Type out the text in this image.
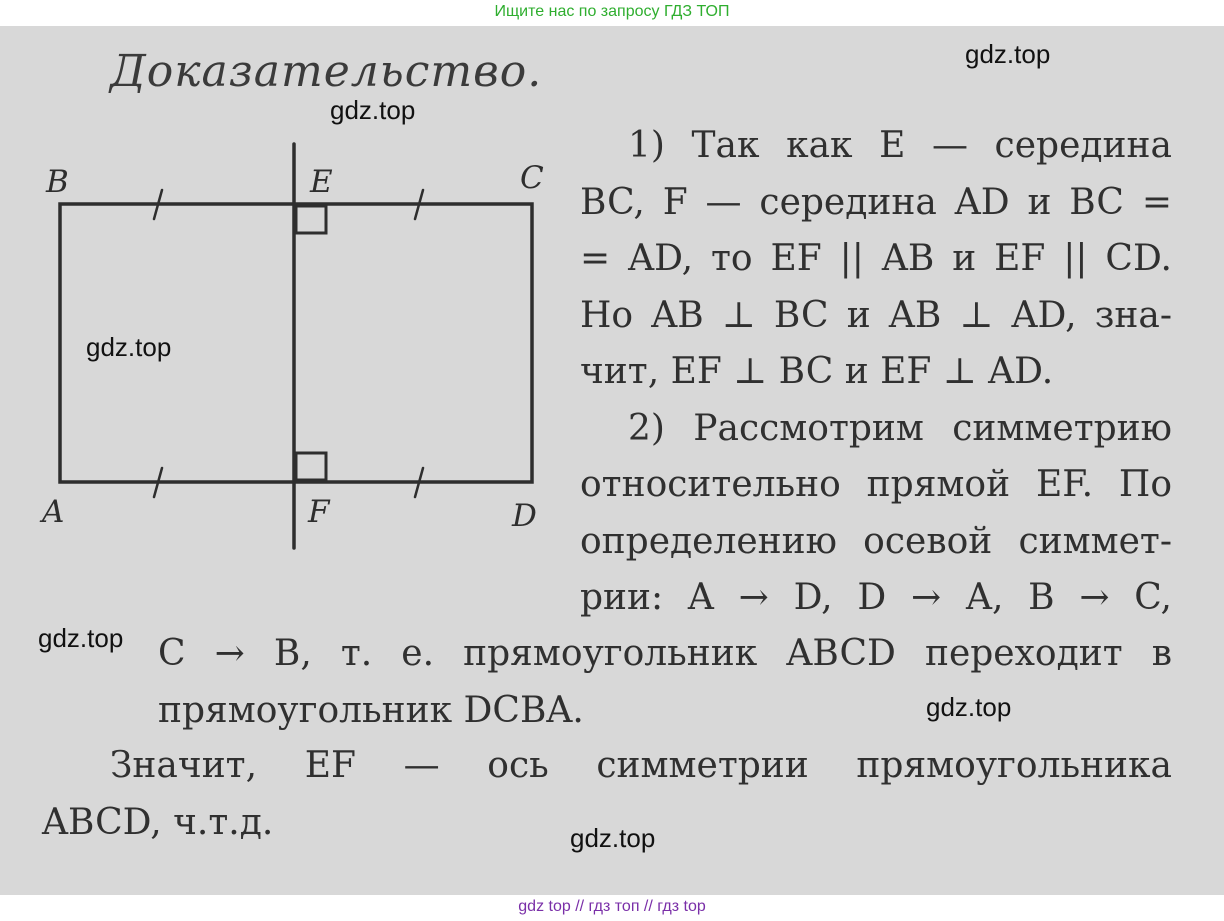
Ищите нас по запросу ГДЗ ТОП
Доказательство.
B	E	C
A	F	D
1) Так как E — середина
BC, F — середина AD и BC =
= AD, то EF || AB и EF || CD.
Но AB ⊥ BC и AB ⊥ AD, зна-
чит, EF ⊥ BC и EF ⊥ AD.
2) Рассмотрим симметрию
относительно прямой EF. По
определению осевой симмет-
рии: A → D, D → A, B → C,
C → B, т. е. прямоугольник ABCD переходит в
прямоугольник DCBA.
Значит, EF — ось симметрии прямоугольника
ABCD, ч.т.д.
gdz.top
gdz.top
gdz.top
gdz.top
gdz.top
gdz.top
gdz top // гдз топ // гдз top
